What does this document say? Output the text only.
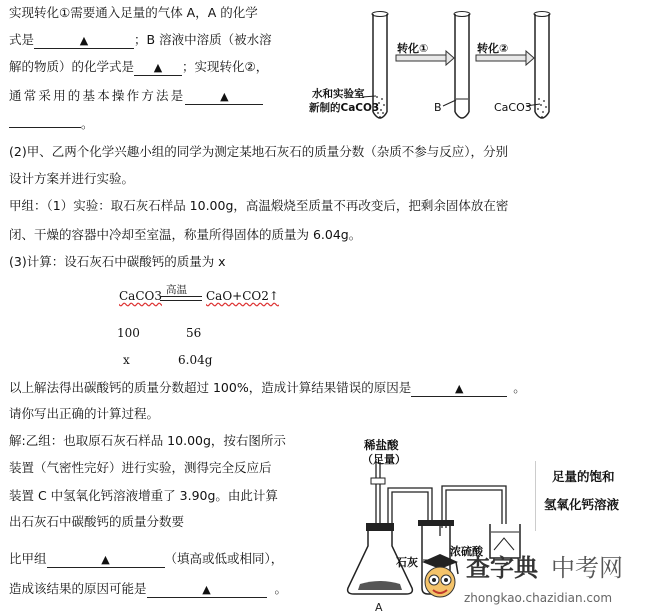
实现转化①需要通入足量的气体 A，A 的化学
式是	▲	；B 溶液中溶质（被水溶
解的物质）的化学式是 ▲ ；实现转化②，
通常采用的基本操作方法是	▲
。
转化①	转化②
水和实验室
新制的CaCO3	B	CaCO3
(2)甲、乙两个化学兴趣小组的同学为测定某地石灰石的质量分数（杂质不参与反应），分别
设计方案并进行实验。
甲组：（1）实验：取石灰石样品 10.00g，高温煅烧至质量不再改变后，把剩余固体放在密
闭、干燥的容器中冷却至室温，称量所得固体的质量为 6.04g。
(3)计算：设石灰石中碳酸钙的质量为 x
CaCO3 高温 CaO+CO2↑
100	56
x	6.04g
以上解法得出碳酸钙的质量分数超过 100%，造成计算结果错误的原因是	▲	。
请你写出正确的计算过程。
解:乙组：也取原石灰石样品 10.00g，按右图所示
装置（气密性完好）进行实验，测得完全反应后
装置 C 中氢氧化钙溶液增重了 3.90g。由此计算
出石灰石中碳酸钙的质量分数要
比甲组	▲	（填高或低或相同），
造成该结果的原因可能是	▲	。
A
稀盐酸
（足量）
石灰
浓硫酸
足量的饱和
氢氧化钙溶液
查字典 中考网
zhongkao.chazidian.com
